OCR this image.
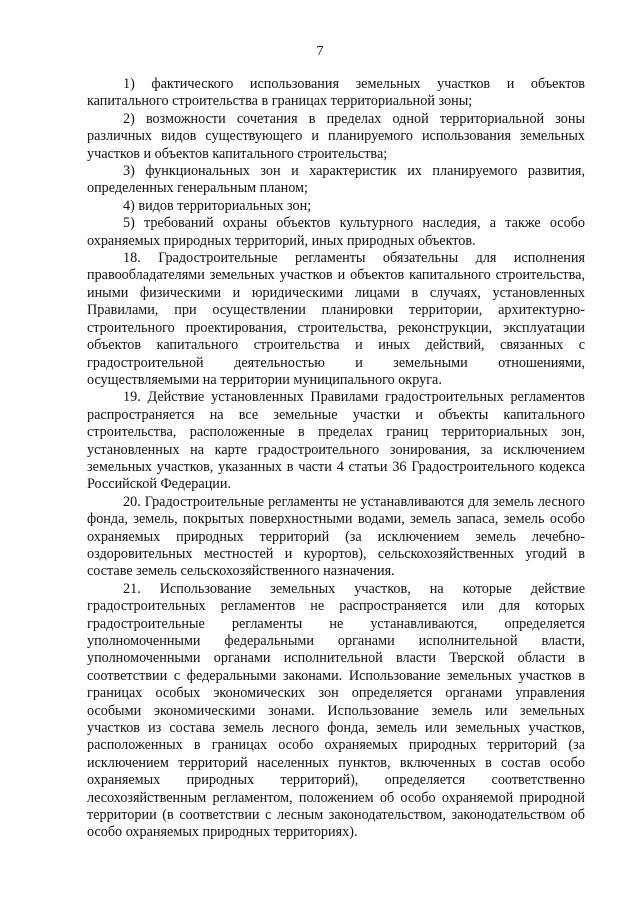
7

1) фактического использования земельных участков и объектов капитального строительства в границах территориальной зоны;

2) возможности сочетания в пределах одной территориальной зоны различных видов существующего и планируемого использования земельных участков и объектов капитального строительства;

3) функциональных зон и характеристик их планируемого развития, определенных генеральным планом;

4) видов территориальных зон;

5) требований охраны объектов культурного наследия, а также особо охраняемых природных территорий, иных природных объектов.

18. Градостроительные регламенты обязательны для исполнения правообладателями земельных участков и объектов капитального строительства, иными физическими и юридическими лицами в случаях, установленных Правилами, при осуществлении планировки территории, архитектурно-строительного проектирования, строительства, реконструкции, эксплуатации объектов капитального строительства и иных действий, связанных с градостроительной деятельностью и земельными отношениями, осуществляемыми на территории муниципального округа.

19. Действие установленных Правилами градостроительных регламентов распространяется на все земельные участки и объекты капитального строительства, расположенные в пределах границ территориальных зон, установленных на карте градостроительного зонирования, за исключением земельных участков, указанных в части 4 статьи 36 Градостроительного кодекса Российской Федерации.

20. Градостроительные регламенты не устанавливаются для земель лесного фонда, земель, покрытых поверхностными водами, земель запаса, земель особо охраняемых природных территорий (за исключением земель лечебно-оздоровительных местностей и курортов), сельскохозяйственных угодий в составе земель сельскохозяйственного назначения.

21. Использование земельных участков, на которые действие градостроительных регламентов не распространяется или для которых градостроительные регламенты не устанавливаются, определяется уполномоченными федеральными органами исполнительной власти, уполномоченными органами исполнительной власти Тверской области в соответствии с федеральными законами. Использование земельных участков в границах особых экономических зон определяется органами управления особыми экономическими зонами. Использование земель или земельных участков из состава земель лесного фонда, земель или земельных участков, расположенных в границах особо охраняемых природных территорий (за исключением территорий населенных пунктов, включенных в состав особо охраняемых природных территорий), определяется соответственно лесохозяйственным регламентом, положением об особо охраняемой природной территории (в соответствии с лесным законодательством, законодательством об особо охраняемых природных территориях).
